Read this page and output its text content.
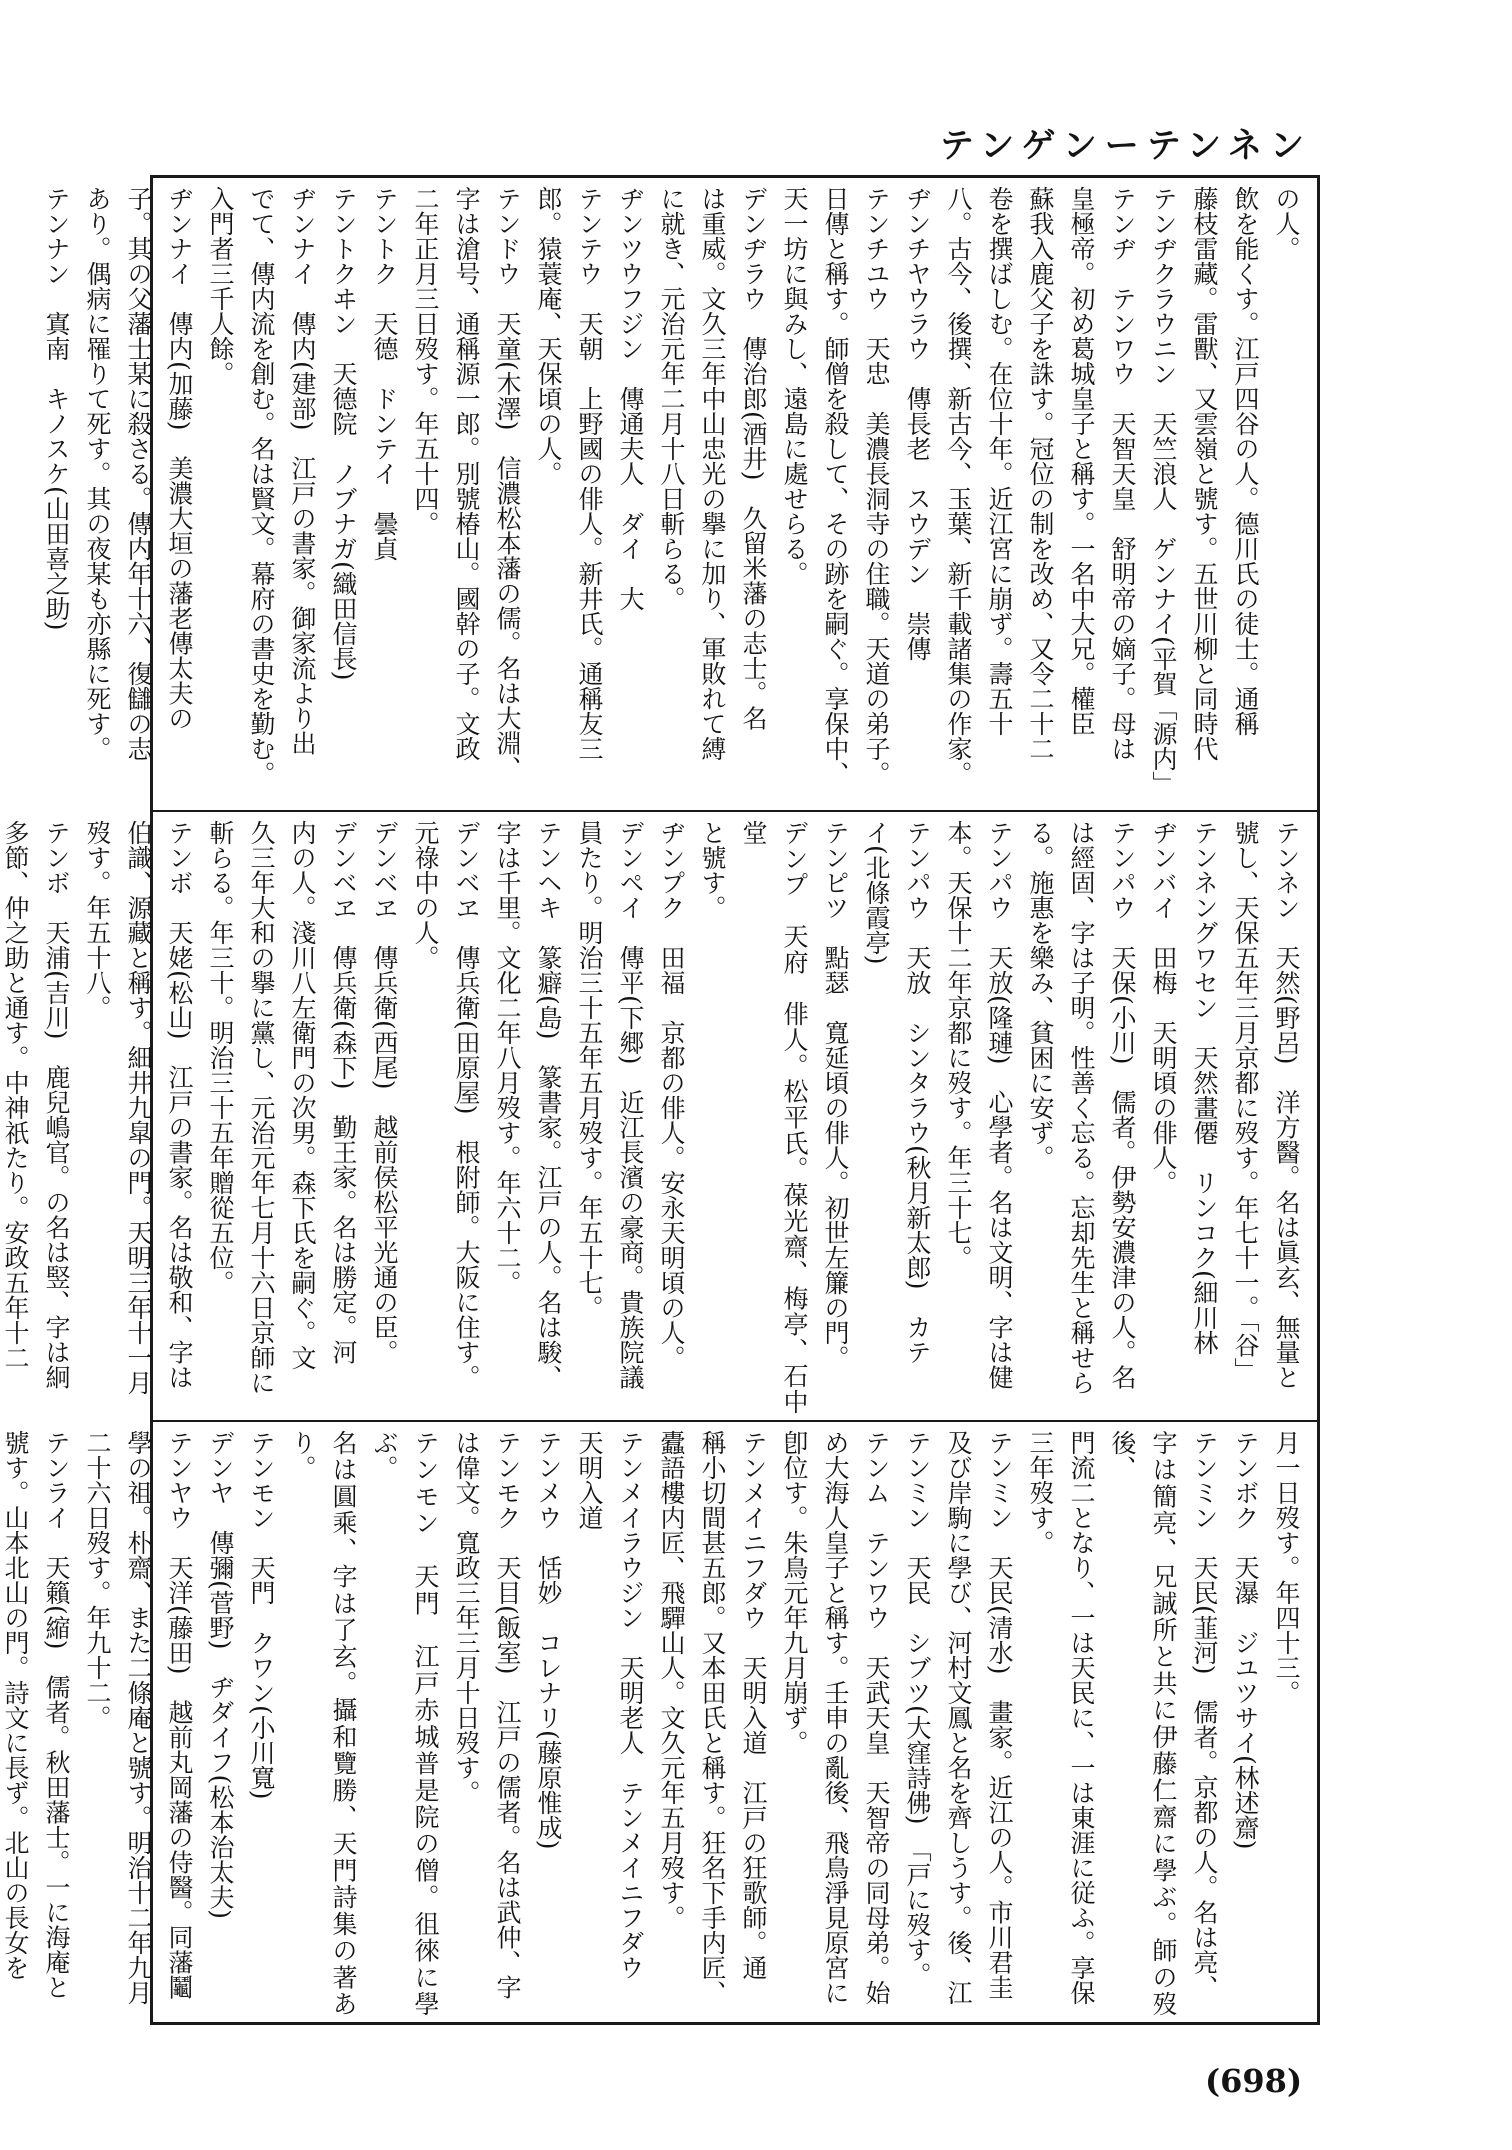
テンゲンーテンネン

の人。

飲を能くす。江戸四谷の人。德川氏の徒士。通稱

藤枝雷藏。雷獸、又雲嶺と號す。五世川柳と同時代

テンヂクラウニン　天竺浪人　ゲンナイ(平賀「源内」

テンヂ　テンワウ　天智天皇　舒明帝の嫡子。母は

皇極帝。初め葛城皇子と稱す。一名中大兄。權臣

蘇我入鹿父子を誅す。冠位の制を改め、又令二十二

卷を撰ばしむ。在位十年。近江宮に崩ず。壽五十

八。古今、後撰、新古今、玉葉、新千載諸集の作家。

ヂンチヤウラウ　傳長老　スウデン　崇傳

テンチユウ　天忠　美濃長洞寺の住職。天道の弟子。

日傳と稱す。師僧を殺して、その跡を嗣ぐ。享保中、

天一坊に與みし、遠島に處せらる。

デンヂラウ　傳治郎(酒井)　久留米藩の志士。名

は重威。文久三年中山忠光の擧に加り、軍敗れて縛

に就き、元治元年二月十八日斬らる。

ヂンツウフジン　傳通夫人　ダイ　大

テンテウ　天朝　上野國の俳人。新井氏。通稱友三

郎。猿蓑庵、天保頃の人。

テンドウ　天童(木澤)　信濃松本藩の儒。名は大淵、

字は滄号、通稱源一郎。別號椿山。國幹の子。文政

二年正月三日歿す。年五十四。

テントク　天德　ドンテイ　曇貞

テントクヰン　天德院　ノブナガ(織田信長)

ヂンナイ　傳内(建部)　江戸の書家。御家流より出

でて、傳内流を創む。名は賢文。幕府の書史を勤む。

入門者三千人餘。

ヂンナイ　傳内(加藤)　美濃大垣の藩老傳太夫の

子。其の父藩士某に殺さる。傳内年十六、復讎の志

あり。偶病に罹りて死す。其の夜某も亦縣に死す。

テンナン　寘南　キノスケ(山田喜之助)

テンネン　天然(野呂)　洋方醫。名は眞玄、無量と

號し、天保五年三月京都に歿す。年七十一。「谷」

テンネングワセン　天然畫僊　リンコク(細川林

ヂンバイ　田梅　天明頃の俳人。

テンパウ　天保(小川)　儒者。伊勢安濃津の人。名

は經固、字は子明。性善く忘る。忘却先生と稱せら

る。施惠を樂み、貧困に安ず。

テンパウ　天放(隆璉)　心學者。名は文明、字は健

本。天保十二年京都に歿す。年三十七。

テンパウ　天放　シンタラウ(秋月新太郎)　カテ

イ(北條霞亭)

テンピツ　點瑟　寬延頃の俳人。初世左簾の門。

デンプ　天府　俳人。松平氏。葆光齋、梅亭、石中堂

と號す。

ヂンプク　田福　京都の俳人。安永天明頃の人。

デンペイ　傳平(下郷)　近江長濱の豪商。貴族院議

員たり。明治三十五年五月歿す。年五十七。

テンヘキ　篆癖(島)　篆書家。江戸の人。名は駿、

字は千里。文化二年八月歿す。年六十二。

デンベヱ　傳兵衛(田原屋)　根附師。大阪に住す。

元祿中の人。

デンベヱ　傳兵衛(西尾)　越前侯松平光通の臣。

デンベヱ　傳兵衛(森下)　勤王家。名は勝定。河

内の人。淺川八左衛門の次男。森下氏を嗣ぐ。文

久三年大和の擧に黨し、元治元年七月十六日京師に

斬らる。年三十。明治三十五年贈從五位。

テンボ　天姥(松山)　江戸の書家。名は敬和、字は

伯識、源藏と稱す。細井九皐の門。天明三年十一月

歿す。年五十八。

テンボ　天浦(吉川)　鹿兒嶋官。の名は竪、字は絅

多節、仲之助と通す。中神祇たり。安政五年十二

月一日歿す。年四十三。

テンボク　天瀑　ジユツサイ(林述齋)

テンミン　天民(韮河)　儒者。京都の人。名は亮、

字は簡亮、兄誠所と共に伊藤仁齋に學ぶ。師の歿後、

門流二となり、一は天民に、一は東涯に従ふ。享保

三年歿す。

テンミン　天民(清水)　畫家。近江の人。市川君圭

及び岸駒に學び、河村文鳳と名を齊しうす。後、江

テンミン　天民　シブツ(大窪詩佛)　「戸に歿す。

テンム　テンワウ　天武天皇　天智帝の同母弟。始

め大海人皇子と稱す。壬申の亂後、飛鳥淨見原宮に

卽位す。朱鳥元年九月崩ず。

テンメイニフダウ　天明入道　江戸の狂歌師。通

稱小切間甚五郎。又本田氏と稱す。狂名下手内匠、

蠹語樓内匠、飛驒山人。文久元年五月歿す。

テンメイラウジン　天明老人　テンメイニフダウ

天明入道

テンメウ　恬妙　コレナリ(藤原惟成)

テンモク　天目(飯室)　江戸の儒者。名は武仲、字

は偉文。寬政三年三月十日歿す。

テンモン　天門　江戸赤城普是院の僧。徂徠に學ぶ。

名は圓乘、字は了玄。攝和覽勝、天門詩集の著あり。

テンモン　天門　クワン(小川寬)

デンヤ　傳彌(菅野)　ヂダイフ(松本治太夫)

テンヤウ　天洋(藤田)　越前丸岡藩の侍醫。同藩鬮

學の祖。朴齋、また二條庵と號す。明治十二年九月

二十六日歿す。年九十二。

テンライ　天籟(縮)　儒者。秋田藩士。一に海庵と

號す。山本北山の門。詩文に長ず。北山の長女を

(698)
